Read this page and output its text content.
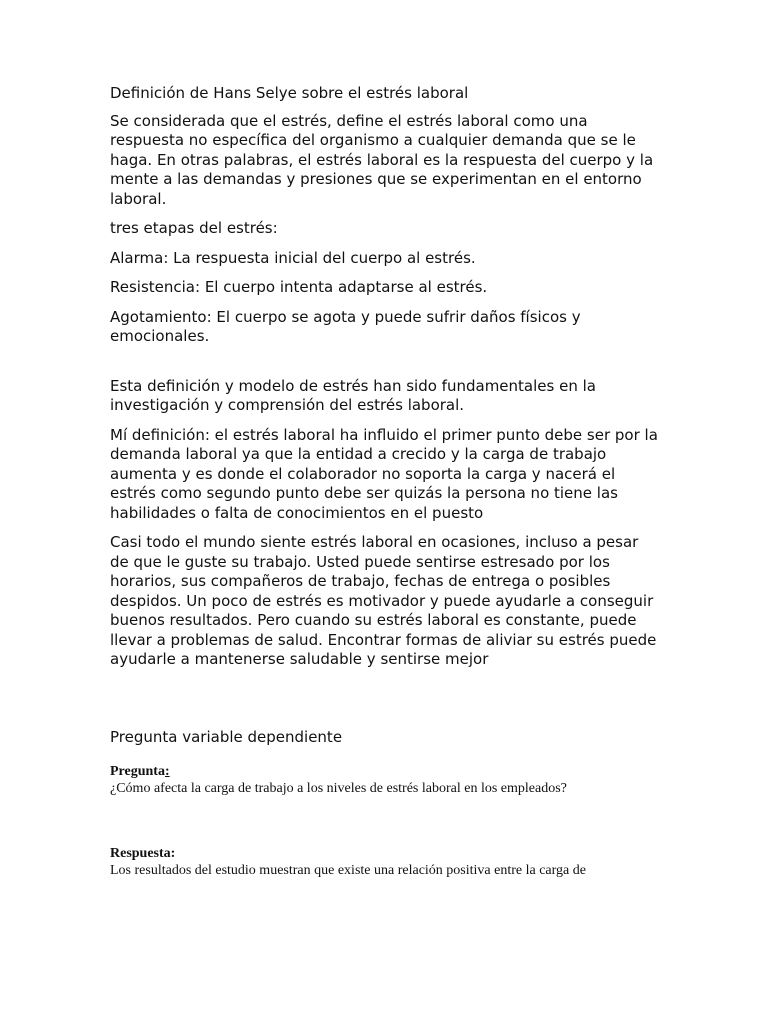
Definición de Hans Selye sobre el estrés laboral

Se considerada que el estrés, define el estrés laboral como una respuesta no específica del organismo a cualquier demanda que se le haga. En otras palabras, el estrés laboral es la respuesta del cuerpo y la mente a las demandas y presiones que se experimentan en el entorno laboral.

tres etapas del estrés:

Alarma: La respuesta inicial del cuerpo al estrés.

Resistencia: El cuerpo intenta adaptarse al estrés.

Agotamiento: El cuerpo se agota y puede sufrir daños físicos y emocionales.

Esta definición y modelo de estrés han sido fundamentales en la investigación y comprensión del estrés laboral.

Mí definición: el estrés laboral ha influido el primer punto debe ser por la demanda laboral ya que la entidad a crecido y la carga de trabajo aumenta y es donde el colaborador no soporta la carga y nacerá el estrés como segundo punto debe ser quizás la persona no tiene las habilidades o falta de conocimientos en el puesto

Casi todo el mundo siente estrés laboral en ocasiones, incluso a pesar de que le guste su trabajo. Usted puede sentirse estresado por los horarios, sus compañeros de trabajo, fechas de entrega o posibles despidos. Un poco de estrés es motivador y puede ayudarle a conseguir buenos resultados. Pero cuando su estrés laboral es constante, puede llevar a problemas de salud. Encontrar formas de aliviar su estrés puede ayudarle a mantenerse saludable y sentirse mejor

Pregunta variable dependiente

Pregunta:

¿Cómo afecta la carga de trabajo a los niveles de estrés laboral en los empleados?

Respuesta:

Los resultados del estudio muestran que existe una relación positiva entre la carga de
